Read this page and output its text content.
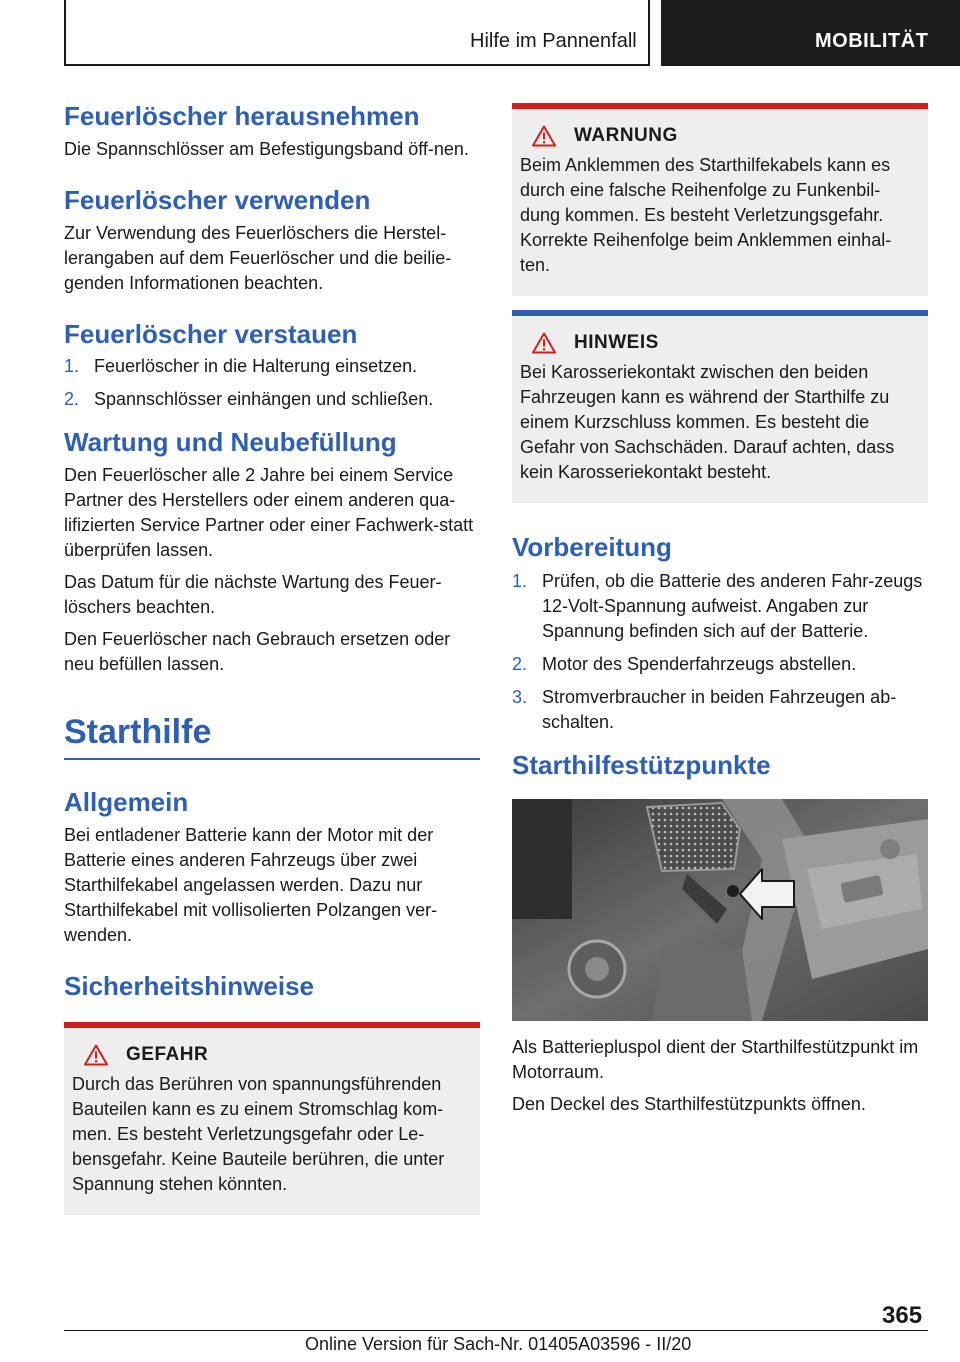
Hilfe im Pannenfall	MOBILITÄT
Feuerlöscher herausnehmen

Die Spannschlösser am Befestigungsband öff-nen.

Feuerlöscher verwenden

Zur Verwendung des Feuerlöschers die Herstel-lerangaben auf dem Feuerlöscher und die beilie-genden Informationen beachten.

Feuerlöscher verstauen
1. Feuerlöscher in die Halterung einsetzen.
2. Spannschlösser einhängen und schließen.
Wartung und Neubefüllung

Den Feuerlöscher alle 2 Jahre bei einem Service Partner des Herstellers oder einem anderen qua-lifizierten Service Partner oder einer Fachwerk-statt überprüfen lassen.

Das Datum für die nächste Wartung des Feuer-löschers beachten.

Den Feuerlöscher nach Gebrauch ersetzen oder neu befüllen lassen.

Starthilfe
Allgemein

Bei entladener Batterie kann der Motor mit der Batterie eines anderen Fahrzeugs über zwei Starthilfekabel angelassen werden. Dazu nur Starthilfekabel mit vollisolierten Polzangen ver-wenden.

Sicherheitshinweise
GEFAHR

Durch das Berühren von spannungsführenden Bauteilen kann es zu einem Stromschlag kom-men. Es besteht Verletzungsgefahr oder Le-bensgefahr. Keine Bauteile berühren, die unter Spannung stehen könnten.

WARNUNG

Beim Anklemmen des Starthilfekabels kann es durch eine falsche Reihenfolge zu Funkenbil-dung kommen. Es besteht Verletzungsgefahr. Korrekte Reihenfolge beim Anklemmen einhal-ten.

HINWEIS

Bei Karosseriekontakt zwischen den beiden Fahrzeugen kann es während der Starthilfe zu einem Kurzschluss kommen. Es besteht die Gefahr von Sachschäden. Darauf achten, dass kein Karosseriekontakt besteht.

Vorbereitung
1. Prüfen, ob die Batterie des anderen Fahr-zeugs 12-Volt-Spannung aufweist. Angaben zur Spannung befinden sich auf der Batterie.
2. Motor des Spenderfahrzeugs abstellen.
3. Stromverbraucher in beiden Fahrzeugen ab-schalten.
Starthilfestützpunkte

Als Batteriepluspol dient der Starthilfestützpunkt im Motorraum.

Den Deckel des Starthilfestützpunkts öffnen.

365
Online Version für Sach-Nr. 01405A03596 - II/20
